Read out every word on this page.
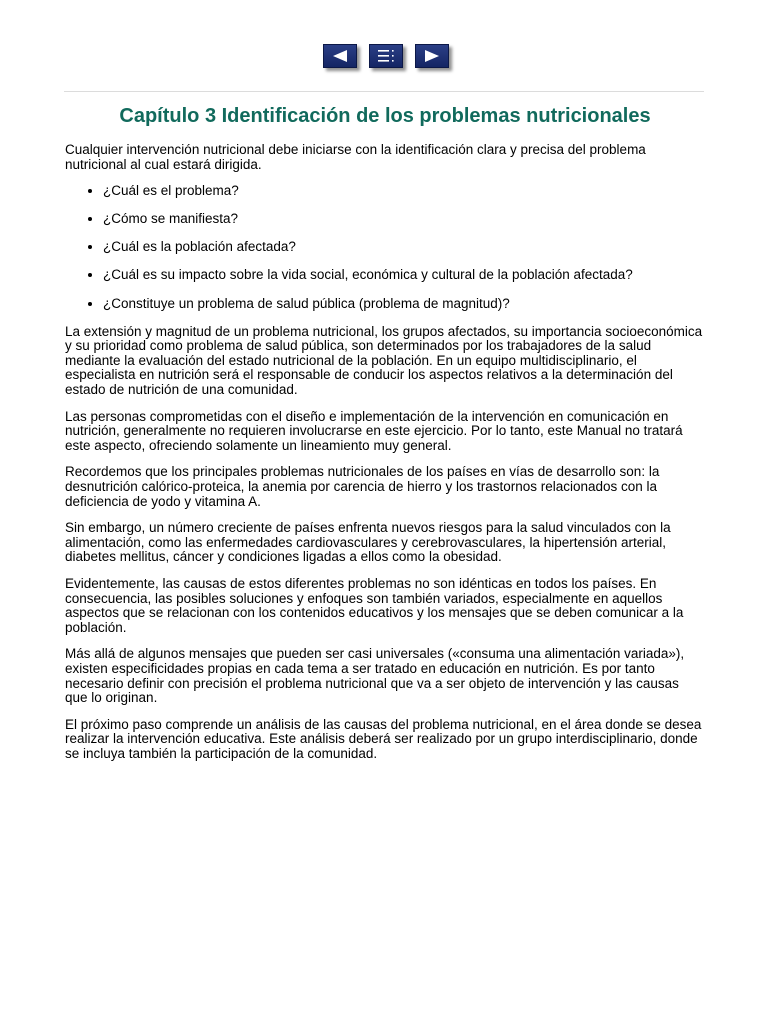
Capítulo 3 Identificación de los problemas nutricionales

Cualquier intervención nutricional debe iniciarse con la identificación clara y precisa del problema nutricional al cual estará dirigida.

• ¿Cuál es el problema?
• ¿Cómo se manifiesta?
• ¿Cuál es la población afectada?
• ¿Cuál es su impacto sobre la vida social, económica y cultural de la población afectada?
• ¿Constituye un problema de salud pública (problema de magnitud)?

La extensión y magnitud de un problema nutricional, los grupos afectados, su importancia socioeconómica y su prioridad como problema de salud pública, son determinados por los trabajadores de la salud mediante la evaluación del estado nutricional de la población. En un equipo multidisciplinario, el especialista en nutrición será el responsable de conducir los aspectos relativos a la determinación del estado de nutrición de una comunidad.

Las personas comprometidas con el diseño e implementación de la intervención en comunicación en nutrición, generalmente no requieren involucrarse en este ejercicio. Por lo tanto, este Manual no tratará este aspecto, ofreciendo solamente un lineamiento muy general.

Recordemos que los principales problemas nutricionales de los países en vías de desarrollo son: la desnutrición calórico-proteica, la anemia por carencia de hierro y los trastornos relacionados con la deficiencia de yodo y vitamina A.

Sin embargo, un número creciente de países enfrenta nuevos riesgos para la salud vinculados con la alimentación, como las enfermedades cardiovasculares y cerebrovasculares, la hipertensión arterial, diabetes mellitus, cáncer y condiciones ligadas a ellos como la obesidad.

Evidentemente, las causas de estos diferentes problemas no son idénticas en todos los países. En consecuencia, las posibles soluciones y enfoques son también variados, especialmente en aquellos aspectos que se relacionan con los contenidos educativos y los mensajes que se deben comunicar a la población.

Más allá de algunos mensajes que pueden ser casi universales («consuma una alimentación variada»), existen especificidades propias en cada tema a ser tratado en educación en nutrición. Es por tanto necesario definir con precisión el problema nutricional que va a ser objeto de intervención y las causas que lo originan.

El próximo paso comprende un análisis de las causas del problema nutricional, en el área donde se desea realizar la intervención educativa. Este análisis deberá ser realizado por un grupo interdisciplinario, donde se incluya también la participación de la comunidad.
